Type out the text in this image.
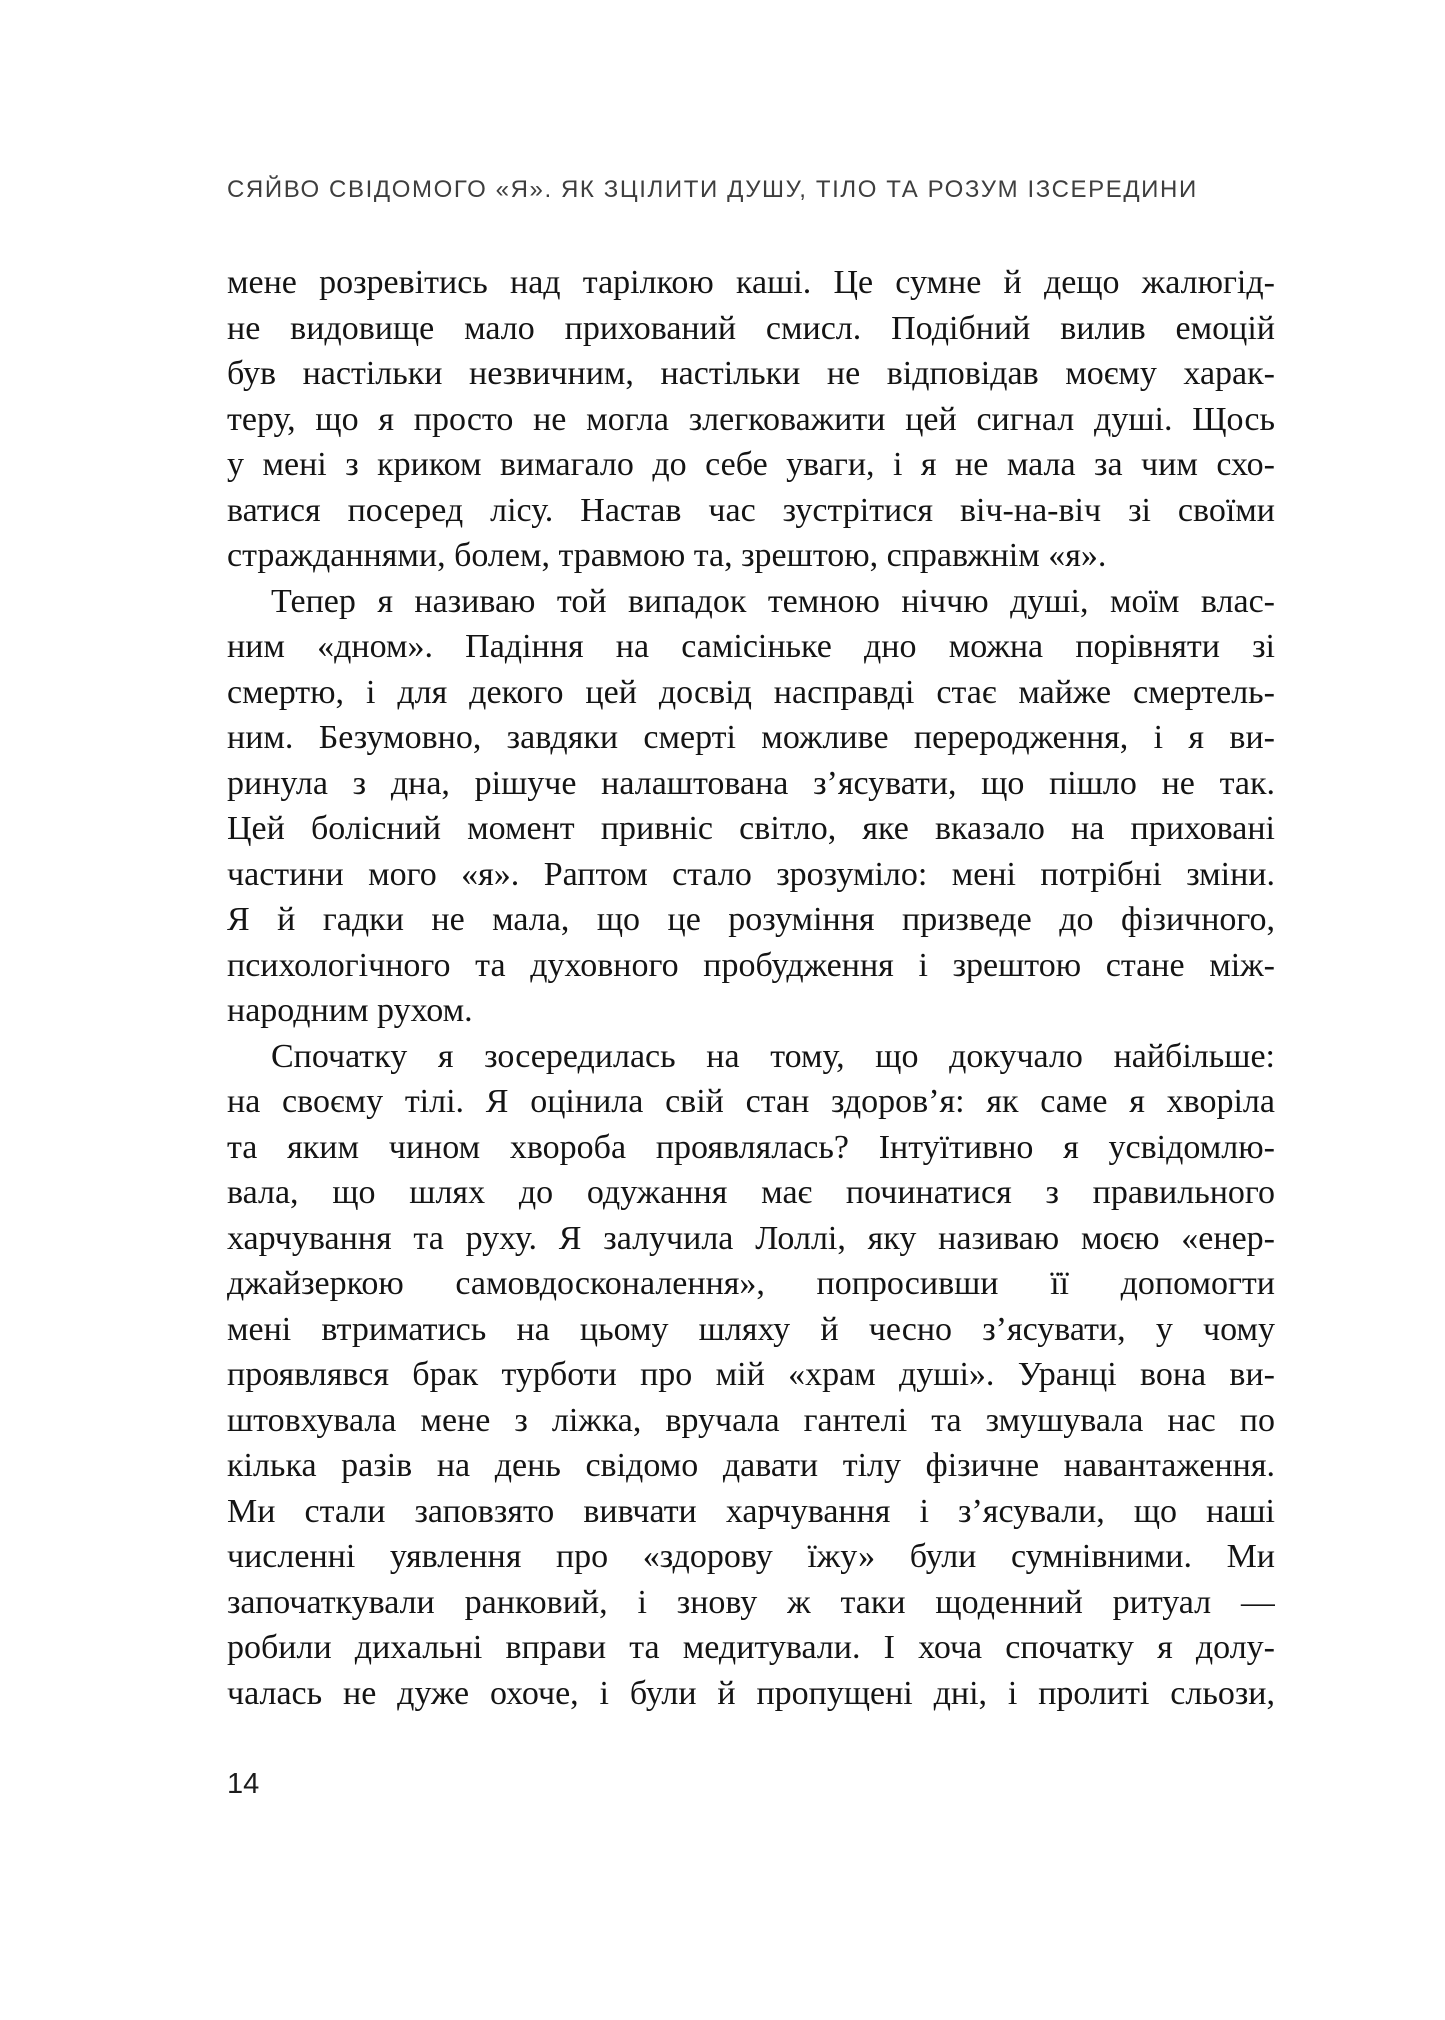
СЯЙВО СВІДОМОГО «Я». ЯК ЗЦІЛИТИ ДУШУ, ТІЛО ТА РОЗУМ ІЗСЕРЕДИНИ
мене розревітись над тарілкою каші. Це сумне й дещо жалюгід-
не видовище мало прихований смисл. Подібний вилив емоцій
був настільки незвичним, настільки не відповідав моєму харак-
теру, що я просто не могла злегковажити цей сигнал душі. Щось
у мені з криком вимагало до себе уваги, і я не мала за чим схо-
ватися посеред лісу. Настав час зустрітися віч-на-віч зі своїми
стражданнями, болем, травмою та, зрештою, справжнім «я».
Тепер я називаю той випадок темною ніччю душі, моїм влас-
ним «дном». Падіння на самісіньке дно можна порівняти зі
смертю, і для декого цей досвід насправді стає майже смертель-
ним. Безумовно, завдяки смерті можливе переродження, і я ви-
ринула з дна, рішуче налаштована з’ясувати, що пішло не так.
Цей болісний момент привніс світло, яке вказало на приховані
частини мого «я». Раптом стало зрозуміло: мені потрібні зміни.
Я й гадки не мала, що це розуміння призведе до фізичного,
психологічного та духовного пробудження і зрештою стане між-
народним рухом.
Спочатку я зосередилась на тому, що докучало найбільше:
на своєму тілі. Я оцінила свій стан здоров’я: як саме я хворіла
та яким чином хвороба проявлялась? Інтуїтивно я усвідомлю-
вала, що шлях до одужання має починатися з правильного
харчування та руху. Я залучила Лоллі, яку називаю моєю «енер-
джайзеркою самовдосконалення», попросивши її допомогти
мені втриматись на цьому шляху й чесно з’ясувати, у чому
проявлявся брак турботи про мій «храм душі». Уранці вона ви-
штовхувала мене з ліжка, вручала гантелі та змушувала нас по
кілька разів на день свідомо давати тілу фізичне навантаження.
Ми стали заповзято вивчати харчування і з’ясували, що наші
численні уявлення про «здорову їжу» були сумнівними. Ми
започаткували ранковий, і знову ж таки щоденний ритуал —
робили дихальні вправи та медитували. І хоча спочатку я долу-
чалась не дуже охоче, і були й пропущені дні, і пролиті сльози,
14
